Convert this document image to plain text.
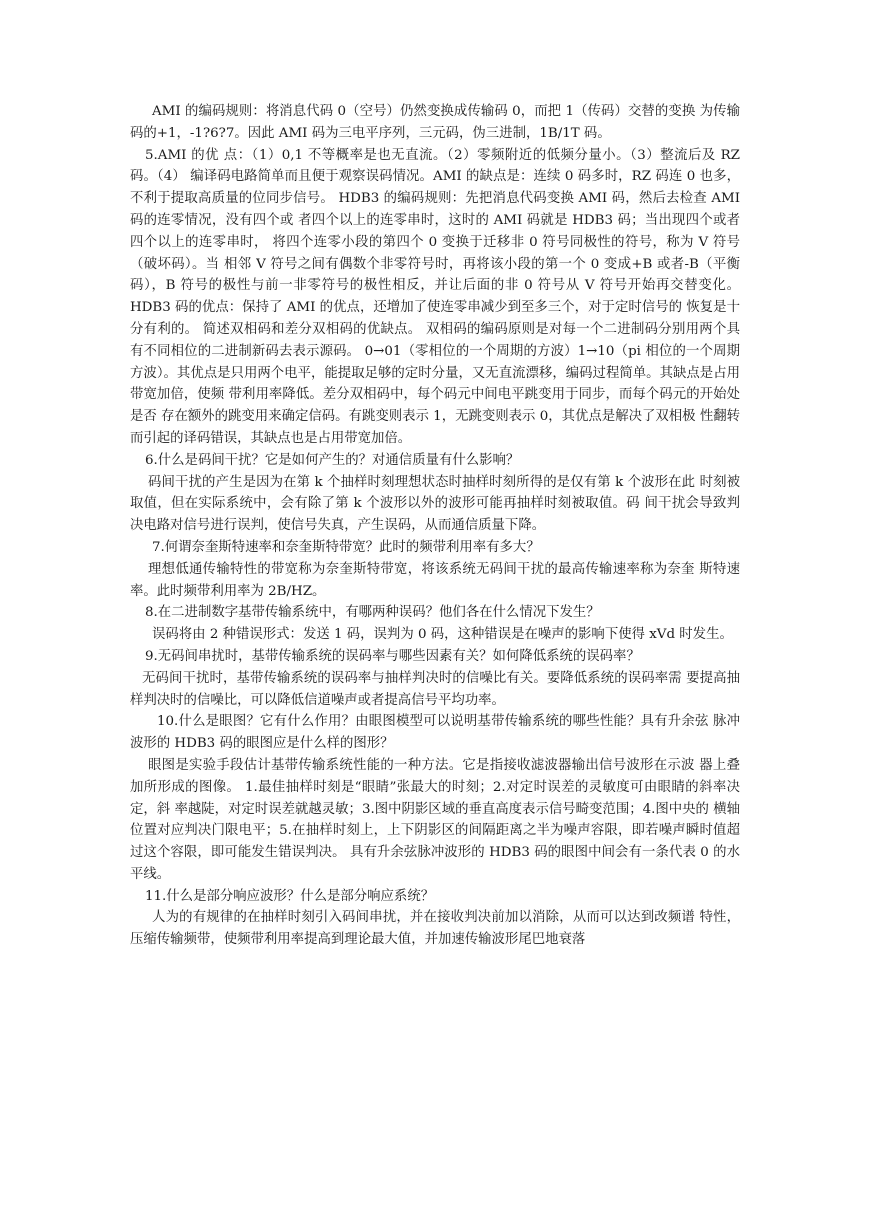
AMI 的编码规则：将消息代码 0（空号）仍然变换成传输码 0，而把 1（传码）交替的变换 为传输码的+1，-1?6?7。因此 AMI 码为三电平序列，三元码，伪三进制，1B/1T 码。

5.AMI 的优 点：（1）0,1 不等概率是也无直流。（2）零频附近的低频分量小。（3）整流后及 RZ 码。（4） 编译码电路简单而且便于观察误码情况。AMI 的缺点是：连续 0 码多时，RZ 码连 0 也多， 不利于提取高质量的位同步信号。 HDB3 的编码规则：先把消息代码变换 AMI 码，然后去检查 AMI 码的连零情况，没有四个或 者四个以上的连零串时，这时的 AMI 码就是 HDB3 码；当出现四个或者四个以上的连零串时， 将四个连零小段的第四个 0 变换于迁移非 0 符号同极性的符号，称为 V 符号（破坏码）。当 相邻 V 符号之间有偶数个非零符号时，再将该小段的第一个 0 变成+B 或者-B（平衡码），B 符号的极性与前一非零符号的极性相反，并让后面的非 0 符号从 V 符号开始再交替变化。 HDB3 码的优点：保持了 AMI 的优点，还增加了使连零串减少到至多三个，对于定时信号的 恢复是十分有利的。 简述双相码和差分双相码的优缺点。 双相码的编码原则是对每一个二进制码分别用两个具有不同相位的二进制新码去表示源码。 0→01（零相位的一个周期的方波）1→10（pi 相位的一个周期方波）。其优点是只用两个电平，能提取足够的定时分量，又无直流漂移，编码过程简单。其缺点是占用带宽加倍，使频 带利用率降低。差分双相码中，每个码元中间电平跳变用于同步，而每个码元的开始处是否 存在额外的跳变用来确定信码。有跳变则表示 1，无跳变则表示 0，其优点是解决了双相极 性翻转而引起的译码错误，其缺点也是占用带宽加倍。

6.什么是码间干扰？它是如何产生的？对通信质量有什么影响？

码间干扰的产生是因为在第 k 个抽样时刻理想状态时抽样时刻所得的是仅有第 k 个波形在此 时刻被取值，但在实际系统中，会有除了第 k 个波形以外的波形可能再抽样时刻被取值。码 间干扰会导致判决电路对信号进行误判，使信号失真，产生误码，从而通信质量下降。

7.何谓奈奎斯特速率和奈奎斯特带宽？此时的频带利用率有多大？

理想低通传输特性的带宽称为奈奎斯特带宽，将该系统无码间干扰的最高传输速率称为奈奎 斯特速率。此时频带利用率为 2B/HZ。

8.在二进制数字基带传输系统中，有哪两种误码？他们各在什么情况下发生？

误码将由 2 种错误形式：发送 1 码，误判为 0 码，这种错误是在噪声的影响下使得 xVd 时发生。

9.无码间串扰时，基带传输系统的误码率与哪些因素有关？如何降低系统的误码率？

无码间干扰时，基带传输系统的误码率与抽样判决时的信噪比有关。要降低系统的误码率需 要提高抽样判决时的信噪比，可以降低信道噪声或者提高信号平均功率。

10.什么是眼图？它有什么作用？由眼图模型可以说明基带传输系统的哪些性能？具有升余弦 脉冲波形的 HDB3 码的眼图应是什么样的图形？

眼图是实验手段估计基带传输系统性能的一种方法。它是指接收滤波器输出信号波形在示波 器上叠加所形成的图像。 1.最佳抽样时刻是“眼睛”张最大的时刻；2.对定时误差的灵敏度可由眼睛的斜率决定，斜 率越陡，对定时误差就越灵敏；3.图中阴影区域的垂直高度表示信号畸变范围；4.图中央的 横轴位置对应判决门限电平；5.在抽样时刻上，上下阴影区的间隔距离之半为噪声容限，即若噪声瞬时值超过这个容限，即可能发生错误判决。 具有升余弦脉冲波形的 HDB3 码的眼图中间会有一条代表 0 的水平线。

11.什么是部分响应波形？什么是部分响应系统？

人为的有规律的在抽样时刻引入码间串扰，并在接收判决前加以消除，从而可以达到改频谱 特性，压缩传输频带，使频带利用率提高到理论最大值，并加速传输波形尾巴地衰落
